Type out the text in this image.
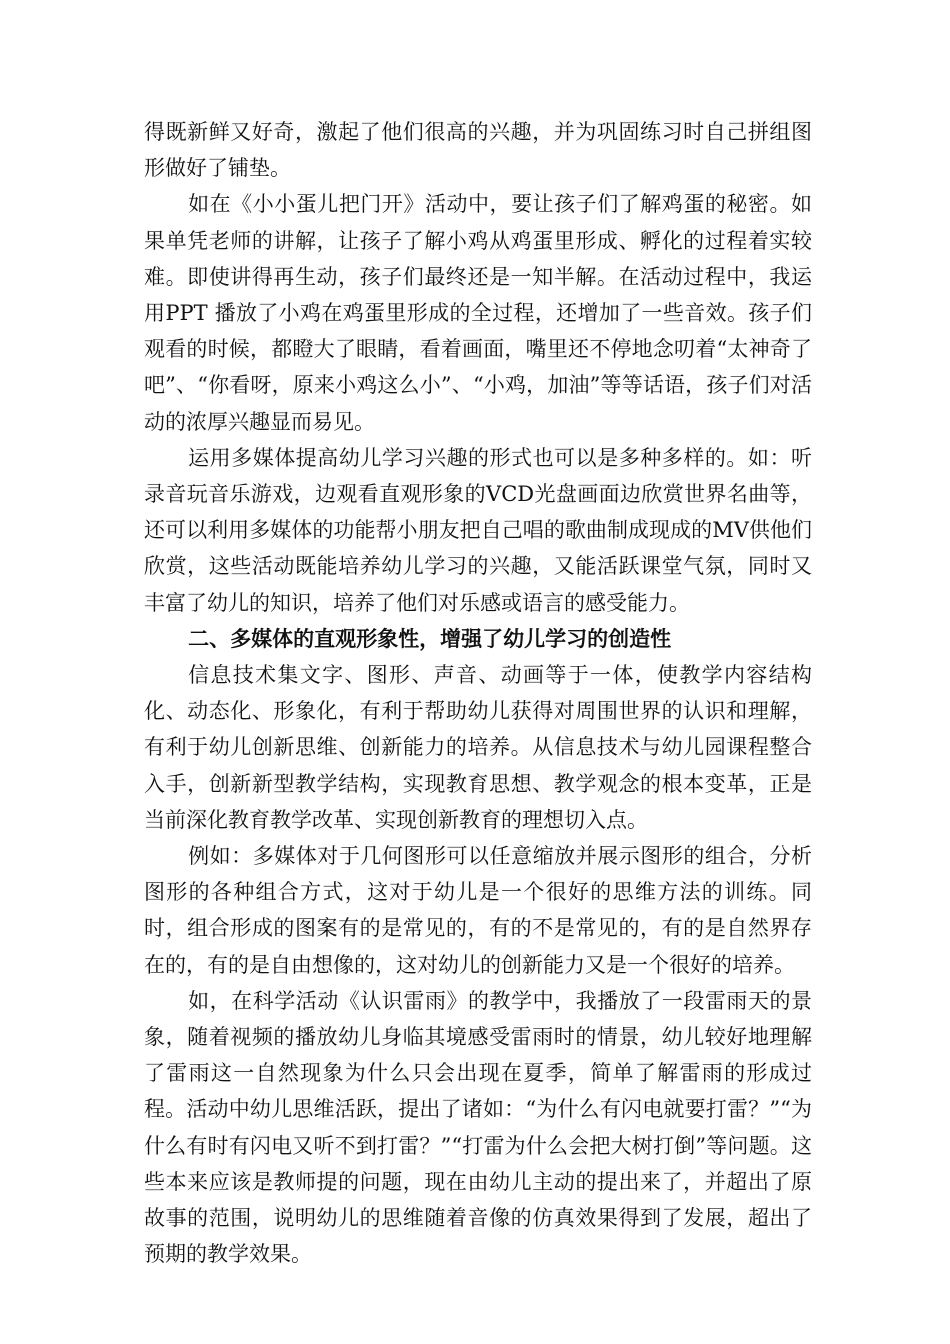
得既新鲜又好奇，激起了他们很高的兴趣，并为巩固练习时自己拼组图形做好了铺垫。

如在《小小蛋儿把门开》活动中，要让孩子们了解鸡蛋的秘密。如果单凭老师的讲解，让孩子了解小鸡从鸡蛋里形成、孵化的过程着实较难。即使讲得再生动，孩子们最终还是一知半解。在活动过程中，我运用PPT 播放了小鸡在鸡蛋里形成的全过程，还增加了一些音效。孩子们观看的时候，都瞪大了眼睛，看着画面，嘴里还不停地念叨着“太神奇了吧”、“你看呀，原来小鸡这么小”、“小鸡，加油”等等话语，孩子们对活动的浓厚兴趣显而易见。

运用多媒体提高幼儿学习兴趣的形式也可以是多种多样的。如：听录音玩音乐游戏，边观看直观形象的VCD光盘画面边欣赏世界名曲等，还可以利用多媒体的功能帮小朋友把自己唱的歌曲制成现成的MV供他们欣赏，这些活动既能培养幼儿学习的兴趣，又能活跃课堂气氛，同时又丰富了幼儿的知识，培养了他们对乐感或语言的感受能力。

二、多媒体的直观形象性，增强了幼儿学习的创造性

信息技术集文字、图形、声音、动画等于一体，使教学内容结构化、动态化、形象化，有利于帮助幼儿获得对周围世界的认识和理解，有利于幼儿创新思维、创新能力的培养。从信息技术与幼儿园课程整合入手，创新新型教学结构，实现教育思想、教学观念的根本变革，正是当前深化教育教学改革、实现创新教育的理想切入点。

例如：多媒体对于几何图形可以任意缩放并展示图形的组合，分析图形的各种组合方式，这对于幼儿是一个很好的思维方法的训练。同时，组合形成的图案有的是常见的，有的不是常见的，有的是自然界存在的，有的是自由想像的，这对幼儿的创新能力又是一个很好的培养。

如，在科学活动《认识雷雨》的教学中，我播放了一段雷雨天的景象，随着视频的播放幼儿身临其境感受雷雨时的情景，幼儿较好地理解了雷雨这一自然现象为什么只会出现在夏季，简单了解雷雨的形成过程。活动中幼儿思维活跃，提出了诸如：“为什么有闪电就要打雷？”“为什么有时有闪电又听不到打雷？”“打雷为什么会把大树打倒”等问题。这些本来应该是教师提的问题，现在由幼儿主动的提出来了，并超出了原故事的范围，说明幼儿的思维随着音像的仿真效果得到了发展，超出了预期的教学效果。
